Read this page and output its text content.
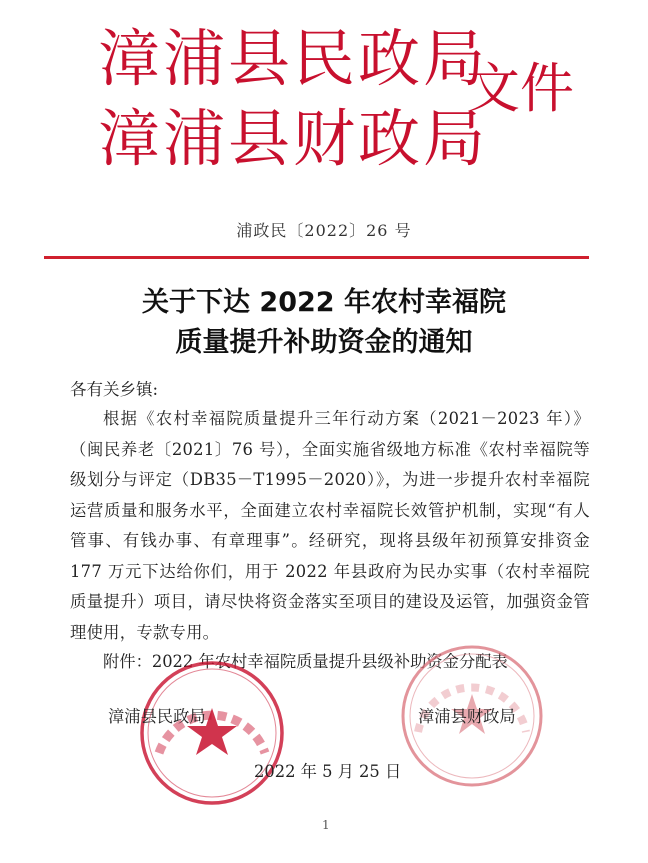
漳浦县民政局
漳浦县财政局
文件
浦政民〔2022〕26 号
关于下达 2022 年农村幸福院
质量提升补助资金的通知
各有关乡镇:
根据《农村幸福院质量提升三年行动方案（2021－2023 年）》（闽民养老〔2021〕76 号），全面实施省级地方标准《农村幸福院等级划分与评定（DB35－T1995－2020）》，为进一步提升农村幸福院运营质量和服务水平，全面建立农村幸福院长效管护机制，实现“有人管事、有钱办事、有章理事”。经研究，现将县级年初预算安排资金 177 万元下达给你们，用于 2022 年县政府为民办实事（农村幸福院质量提升）项目，请尽快将资金落实至项目的建设及运管，加强资金管理使用，专款专用。
附件：2022 年农村幸福院质量提升县级补助资金分配表
漳浦县民政局	漳浦县财政局
2022 年 5 月 25 日
1
